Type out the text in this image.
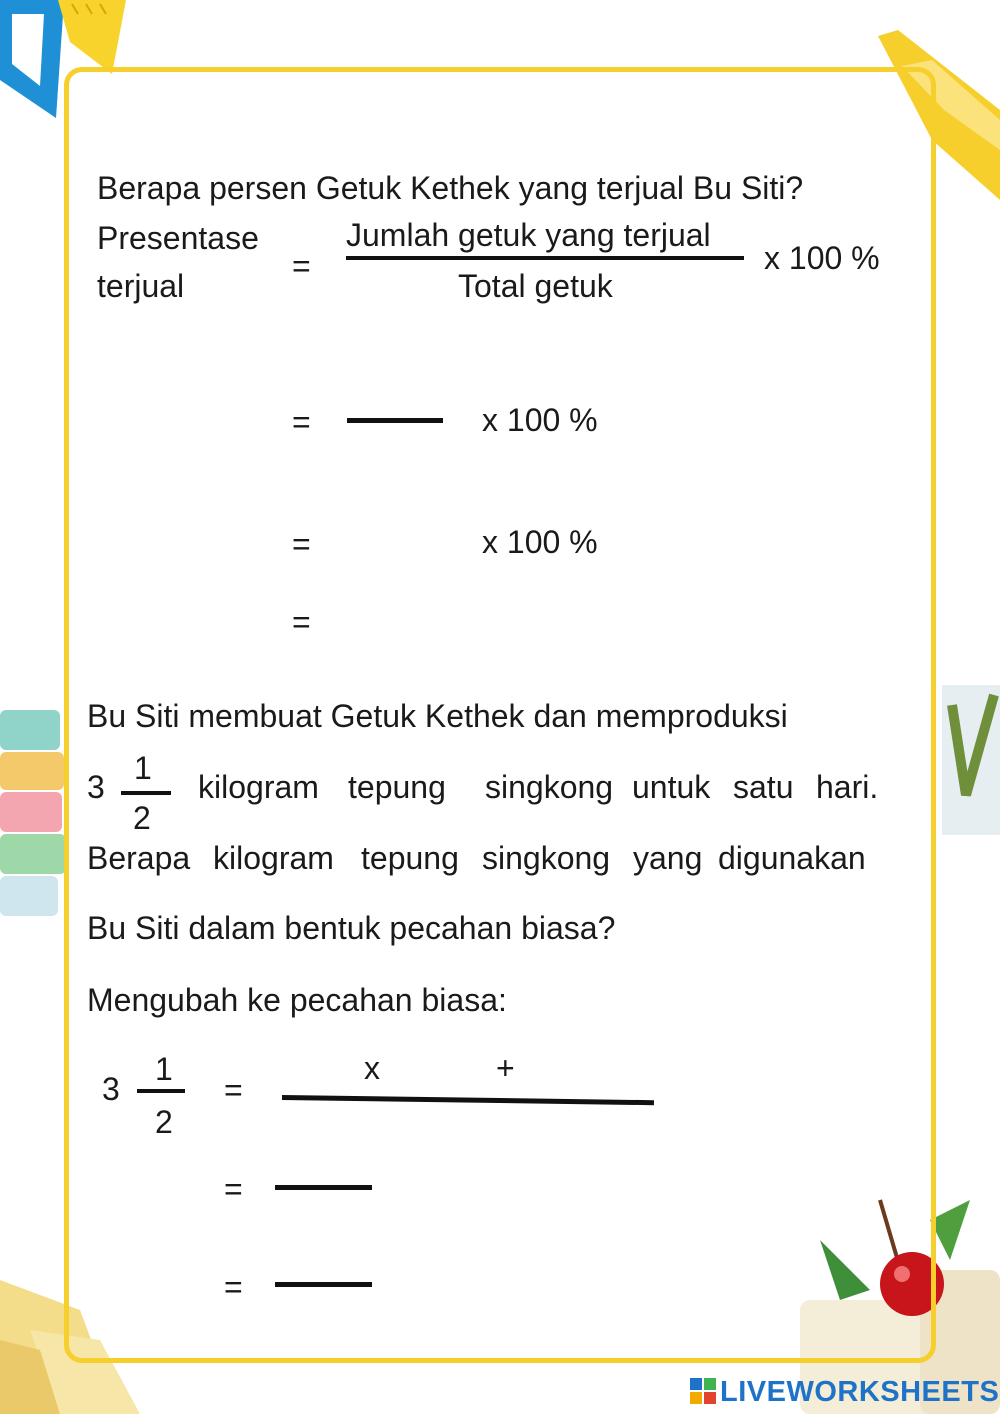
Berapa persen Getuk Kethek yang terjual Bu Siti?
Presentase
terjual
=
Jumlah getuk yang terjual
Total getuk
x 100 %
=	x 100 %
=	x 100 %
=
Bu Siti membuat Getuk Kethek dan memproduksi
3
1
2
kilogram tepung singkong untuk satu hari.
Berapa kilogram tepung singkong yang digunakan
Bu Siti dalam bentuk pecahan biasa?
Mengubah ke pecahan biasa:
3
1
2
=
x	+
=
=
LIVEWORKSHEETS
